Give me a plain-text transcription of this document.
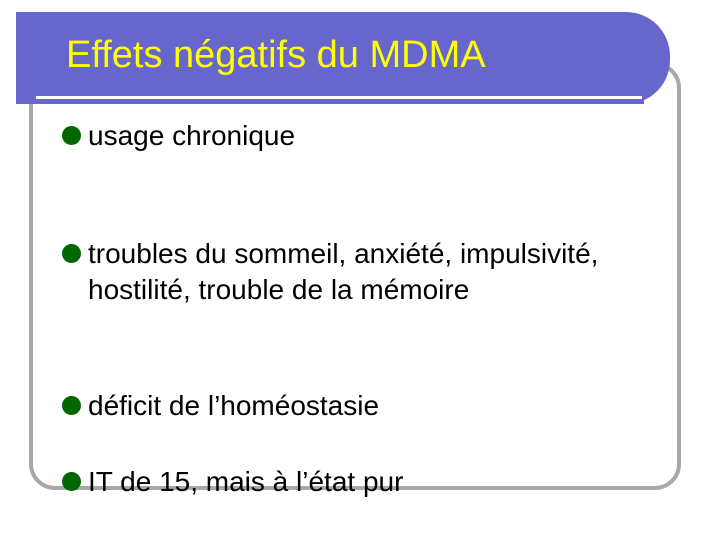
Effets négatifs du MDMA
usage chronique
troubles du sommeil, anxiété, impulsivité, hostilité, trouble de la mémoire
déficit de l’homéostasie
IT de 15, mais à l’état pur
